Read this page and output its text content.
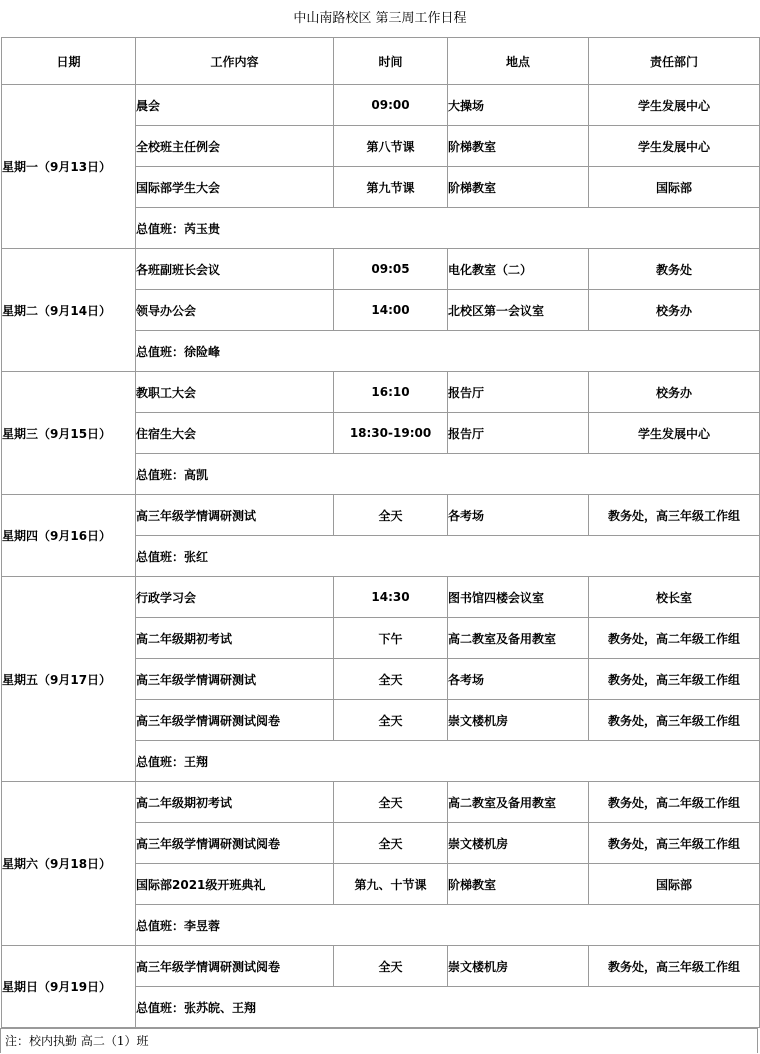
中山南路校区 第三周工作日程
日期	工作内容	时间	地点	责任部门
星期一（9月13日）	晨会	09:00	大操场	学生发展中心
	全校班主任例会	第八节课	阶梯教室	学生发展中心
	国际部学生大会	第九节课	阶梯教室	国际部
	总值班：芮玉贵			
星期二（9月14日）	各班副班长会议	09:05	电化教室（二）	教务处
	领导办公会	14:00	北校区第一会议室	校务办
	总值班：徐险峰			
星期三（9月15日）	教职工大会	16:10	报告厅	校务办
	住宿生大会	18:30-19:00	报告厅	学生发展中心
	总值班：高凯			
星期四（9月16日）	高三年级学情调研测试	全天	各考场	教务处，高三年级工作组
	总值班：张红			
星期五（9月17日）	行政学习会	14:30	图书馆四楼会议室	校长室
	高二年级期初考试	下午	高二教室及备用教室	教务处，高二年级工作组
	高三年级学情调研测试	全天	各考场	教务处，高三年级工作组
	高三年级学情调研测试阅卷	全天	崇文楼机房	教务处，高三年级工作组
	总值班：王翔			
星期六（9月18日）	高二年级期初考试	全天	高二教室及备用教室	教务处，高二年级工作组
	高三年级学情调研测试阅卷	全天	崇文楼机房	教务处，高三年级工作组
	国际部2021级开班典礼	第九、十节课	阶梯教室	国际部
	总值班：李昱蓉			
星期日（9月19日）	高三年级学情调研测试阅卷	全天	崇文楼机房	教务处，高三年级工作组
	总值班：张苏皖、王翔			
注：校内执勤 高二（1）班
